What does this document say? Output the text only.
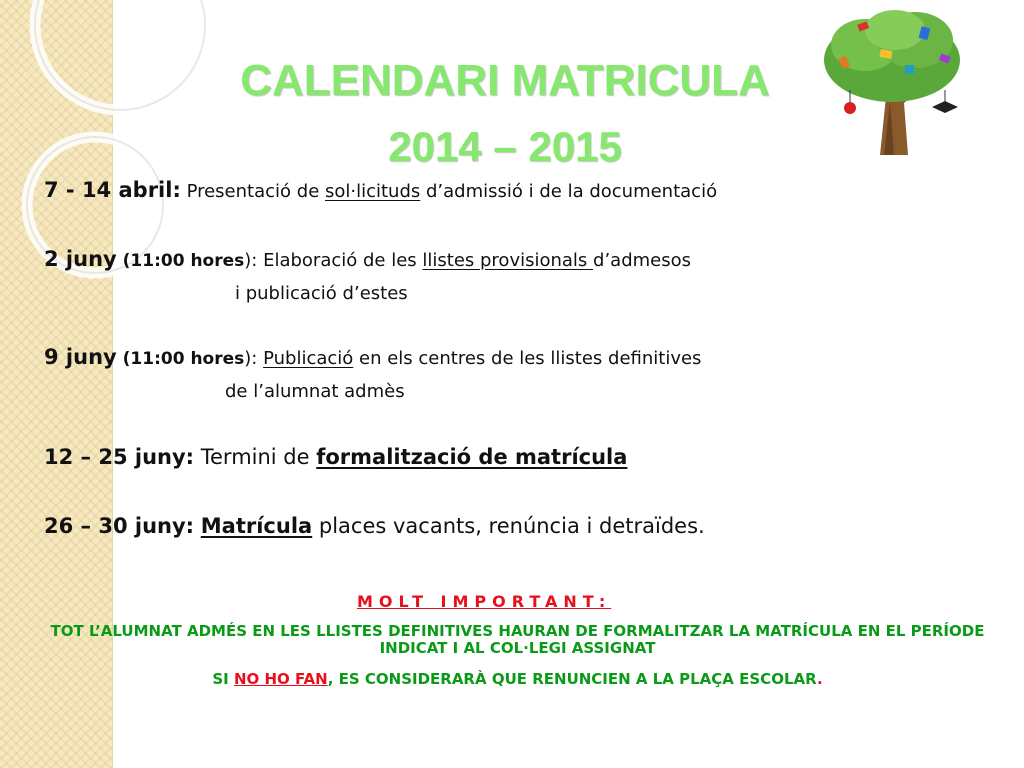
CALENDARI MATRICULA
2014 – 2015
7 - 14 abril: Presentació de sol·licituds d’admissió i de la documentació
2 juny (11:00 hores): Elaboració de les llistes provisionals d’admesos
i publicació d’estes
9 juny (11:00 hores): Publicació en els centres de les llistes definitives
de l’alumnat admès
12 – 25 juny: Termini de formalització de matrícula
26 – 30 juny: Matrícula places vacants, renúncia i detraïdes.
MOLT IMPORTANT:
TOT L’ALUMNAT ADMÉS EN LES LLISTES DEFINITIVES HAURAN DE FORMALITZAR LA MATRÍCULA EN EL PERÍODE INDICAT I AL COL·LEGI ASSIGNAT
SI NO HO FAN, ES CONSIDERARÀ QUE RENUNCIEN A LA PLAÇA ESCOLAR.
